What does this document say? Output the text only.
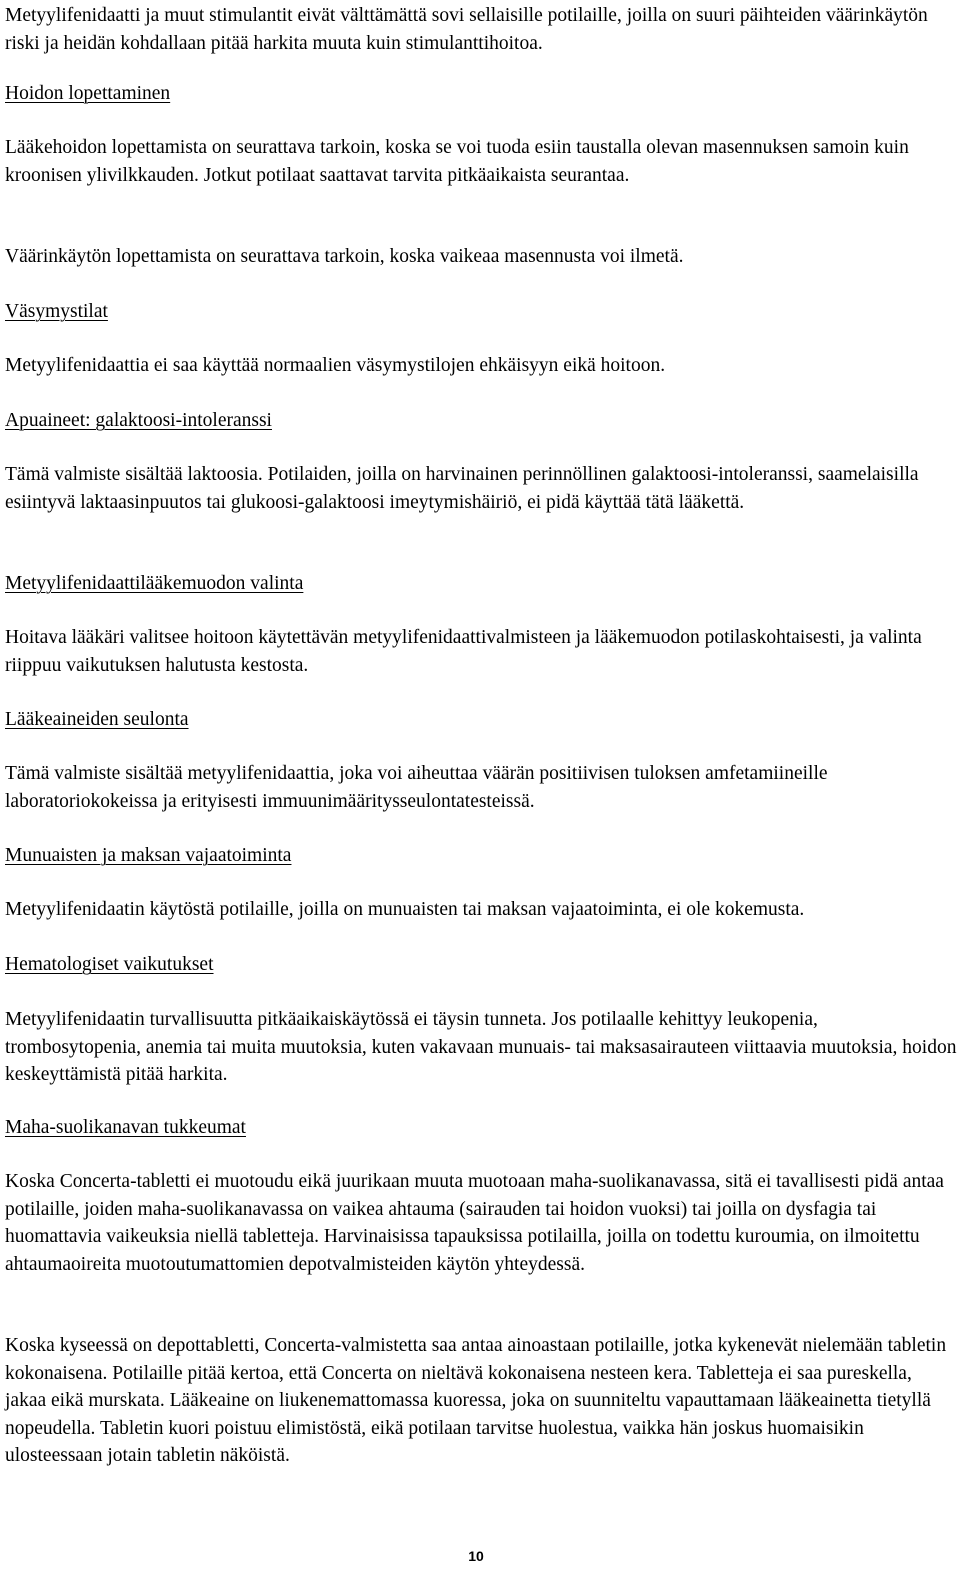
Metyylifenidaatti ja muut stimulantit eivät välttämättä sovi sellaisille potilaille, joilla on suuri päihteiden väärinkäytön riski ja heidän kohdallaan pitää harkita muuta kuin stimulanttihoitoa.

Hoidon lopettaminen

Lääkehoidon lopettamista on seurattava tarkoin, koska se voi tuoda esiin taustalla olevan masennuksen samoin kuin kroonisen ylivilkkauden. Jotkut potilaat saattavat tarvita pitkäaikaista seurantaa.

Väärinkäytön lopettamista on seurattava tarkoin, koska vaikeaa masennusta voi ilmetä.

Väsymystilat

Metyylifenidaattia ei saa käyttää normaalien väsymystilojen ehkäisyyn eikä hoitoon.

Apuaineet: galaktoosi-intoleranssi

Tämä valmiste sisältää laktoosia. Potilaiden, joilla on harvinainen perinnöllinen galaktoosi-intoleranssi, saamelaisilla esiintyvä laktaasinpuutos tai glukoosi-galaktoosi imeytymishäiriö, ei pidä käyttää tätä lääkettä.

Metyylifenidaattilääkemuodon valinta

Hoitava lääkäri valitsee hoitoon käytettävän metyylifenidaattivalmisteen ja lääkemuodon potilaskohtaisesti, ja valinta riippuu vaikutuksen halutusta kestosta.

Lääkeaineiden seulonta

Tämä valmiste sisältää metyylifenidaattia, joka voi aiheuttaa väärän positiivisen tuloksen amfetamiineille laboratoriokokeissa ja erityisesti immuunimääritysseulontatesteissä.

Munuaisten ja maksan vajaatoiminta

Metyylifenidaatin käytöstä potilaille, joilla on munuaisten tai maksan vajaatoiminta, ei ole kokemusta.

Hematologiset vaikutukset

Metyylifenidaatin turvallisuutta pitkäaikaiskäytössä ei täysin tunneta. Jos potilaalle kehittyy leukopenia, trombosytopenia, anemia tai muita muutoksia, kuten vakavaan munuais- tai maksasairauteen viittaavia muutoksia, hoidon keskeyttämistä pitää harkita.

Maha-suolikanavan tukkeumat

Koska Concerta-tabletti ei muotoudu eikä juurikaan muuta muotoaan maha-suolikanavassa, sitä ei tavallisesti pidä antaa potilaille, joiden maha-suolikanavassa on vaikea ahtauma (sairauden tai hoidon vuoksi) tai joilla on dysfagia tai huomattavia vaikeuksia niellä tabletteja. Harvinaisissa tapauksissa potilailla, joilla on todettu kuroumia, on ilmoitettu ahtaumaoireita muotoutumattomien depotvalmisteiden käytön yhteydessä.

Koska kyseessä on depottabletti, Concerta-valmistetta saa antaa ainoastaan potilaille, jotka kykenevät nielemään tabletin kokonaisena. Potilaille pitää kertoa, että Concerta on nieltävä kokonaisena nesteen kera. Tabletteja ei saa pureskella, jakaa eikä murskata. Lääkeaine on liukenemattomassa kuoressa, joka on suunniteltu vapauttamaan lääkeainetta tietyllä nopeudella. Tabletin kuori poistuu elimistöstä, eikä potilaan tarvitse huolestua, vaikka hän joskus huomaisikin ulosteessaan jotain tabletin näköistä.

10
